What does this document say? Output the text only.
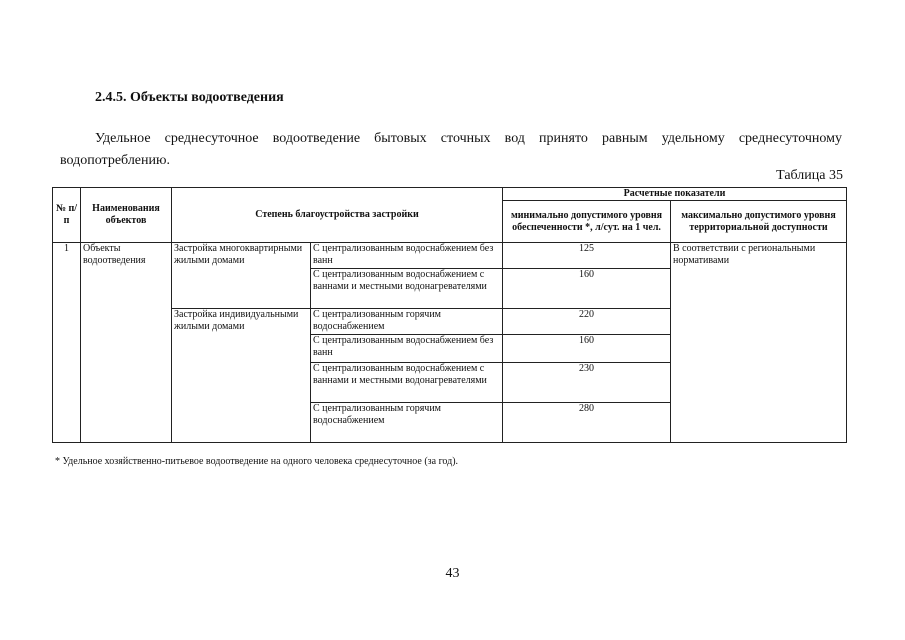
2.4.5. Объекты водоотведения
Удельное среднесуточное водоотведение бытовых сточных вод принято равным удельному среднесуточному водопотреблению.
Таблица 35
№ п/п	Наименования объектов	Степень благоустройства застройки		Расчетные показатели	
				минимально допустимого уровня обеспеченности *, л/сут. на 1 чел.	максимально допустимого уровня территориальной доступности
1	Объекты водоотведения	Застройка многоквартирными жилыми домами	С централизованным водоснабжением без ванн	125	В соответствии с региональными нормативами
			С централизованным водоснабжением с ваннами и местными водонагревателями	160	
		Застройка индивидуальными жилыми домами	С централизованным горячим водоснабжением	220	
			С централизованным водоснабжением без ванн	160	
			С централизованным водоснабжением с ваннами и местными водонагревателями	230	
			С централизованным горячим водоснабжением	280	
* Удельное хозяйственно-питьевое водоотведение на одного человека среднесуточное (за год).
43
